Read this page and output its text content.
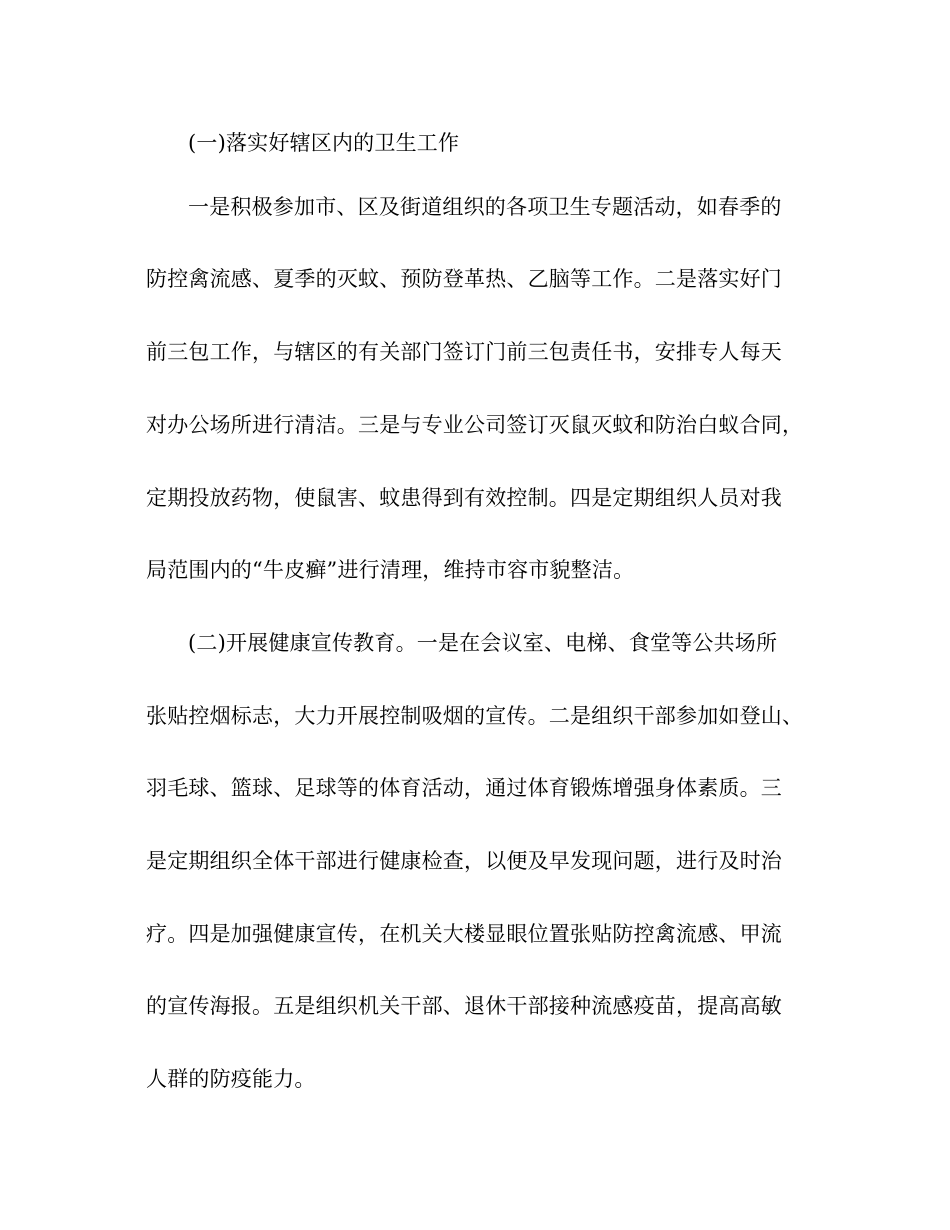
(一)落实好辖区内的卫生工作
一是积极参加市、区及街道组织的各项卫生专题活动，如春季的
防控禽流感、夏季的灭蚊、预防登革热、乙脑等工作。二是落实好门
前三包工作，与辖区的有关部门签订门前三包责任书，安排专人每天
对办公场所进行清洁。三是与专业公司签订灭鼠灭蚊和防治白蚁合同，
定期投放药物，使鼠害、蚊患得到有效控制。四是定期组织人员对我
局范围内的“牛皮癣”进行清理，维持市容市貌整洁。
(二)开展健康宣传教育。一是在会议室、电梯、食堂等公共场所
张贴控烟标志，大力开展控制吸烟的宣传。二是组织干部参加如登山、
羽毛球、篮球、足球等的体育活动，通过体育锻炼增强身体素质。三
是定期组织全体干部进行健康检查，以便及早发现问题，进行及时治
疗。四是加强健康宣传，在机关大楼显眼位置张贴防控禽流感、甲流
的宣传海报。五是组织机关干部、退休干部接种流感疫苗，提高高敏
人群的防疫能力。
